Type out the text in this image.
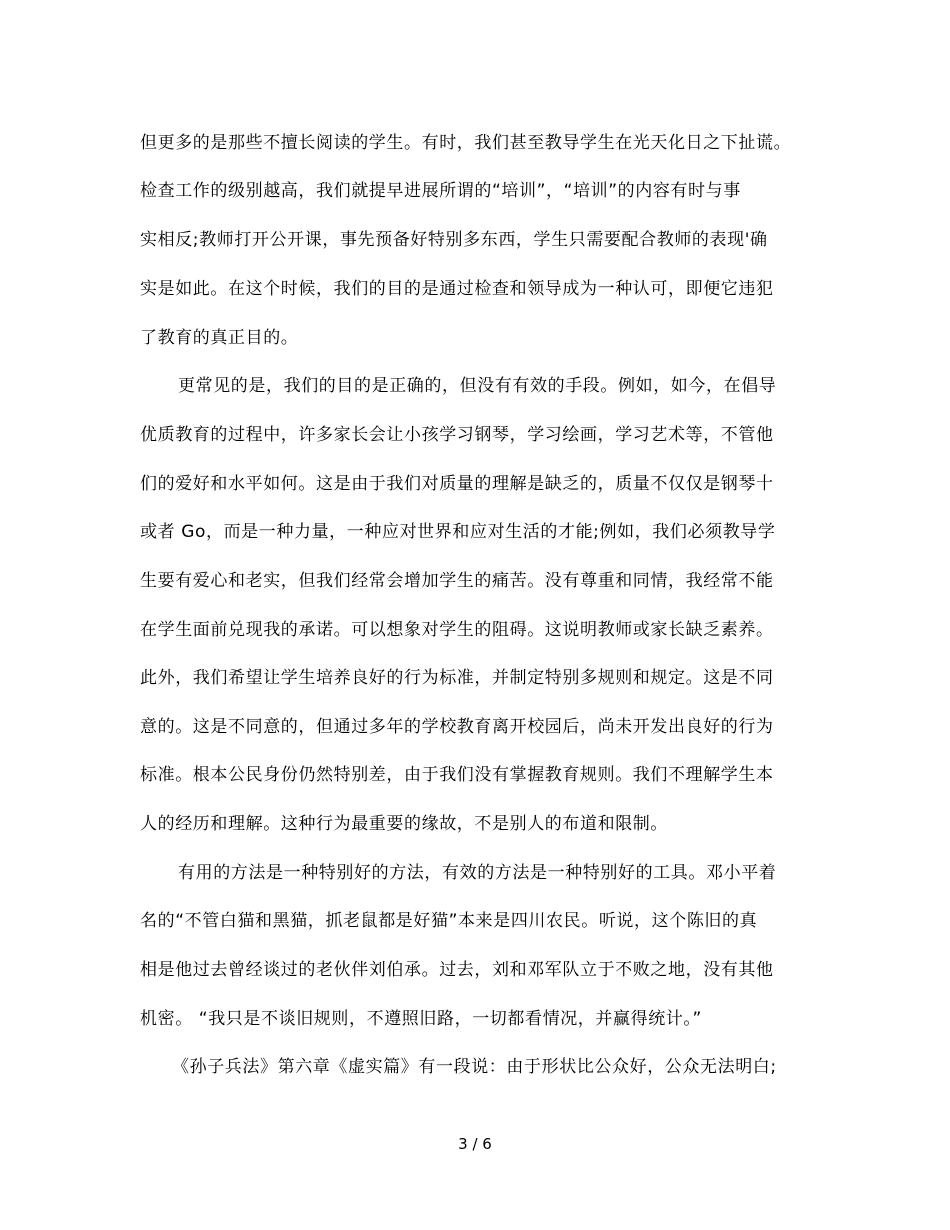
但更多的是那些不擅长阅读的学生。有时，我们甚至教导学生在光天化日之下扯谎。
检查工作的级别越高，我们就提早进展所谓的“培训”，“培训”的内容有时与事
实相反;教师打开公开课，事先预备好特别多东西，学生只需要配合教师的表现'确
实是如此。在这个时候，我们的目的是通过检查和领导成为一种认可，即便它违犯
了教育的真正目的。
更常见的是，我们的目的是正确的，但没有有效的手段。例如，如今，在倡导
优质教育的过程中，许多家长会让小孩学习钢琴，学习绘画，学习艺术等，不管他
们的爱好和水平如何。这是由于我们对质量的理解是缺乏的，质量不仅仅是钢琴十
或者 Go，而是一种力量，一种应对世界和应对生活的才能;例如，我们必须教导学
生要有爱心和老实，但我们经常会增加学生的痛苦。没有尊重和同情，我经常不能
在学生面前兑现我的承诺。可以想象对学生的阻碍。这说明教师或家长缺乏素养。
此外，我们希望让学生培养良好的行为标准，并制定特别多规则和规定。这是不同
意的。这是不同意的，但通过多年的学校教育离开校园后，尚未开发出良好的行为
标准。根本公民身份仍然特别差，由于我们没有掌握教育规则。我们不理解学生本
人的经历和理解。这种行为最重要的缘故，不是别人的布道和限制。
有用的方法是一种特别好的方法，有效的方法是一种特别好的工具。邓小平着
名的“不管白猫和黑猫，抓老鼠都是好猫”本来是四川农民。听说，这个陈旧的真
相是他过去曾经谈过的老伙伴刘伯承。过去，刘和邓军队立于不败之地，没有其他
机密。 “我只是不谈旧规则，不遵照旧路，一切都看情况，并赢得统计。”
《孙子兵法》第六章《虚实篇》有一段说：由于形状比公众好，公众无法明白;
3 / 6
